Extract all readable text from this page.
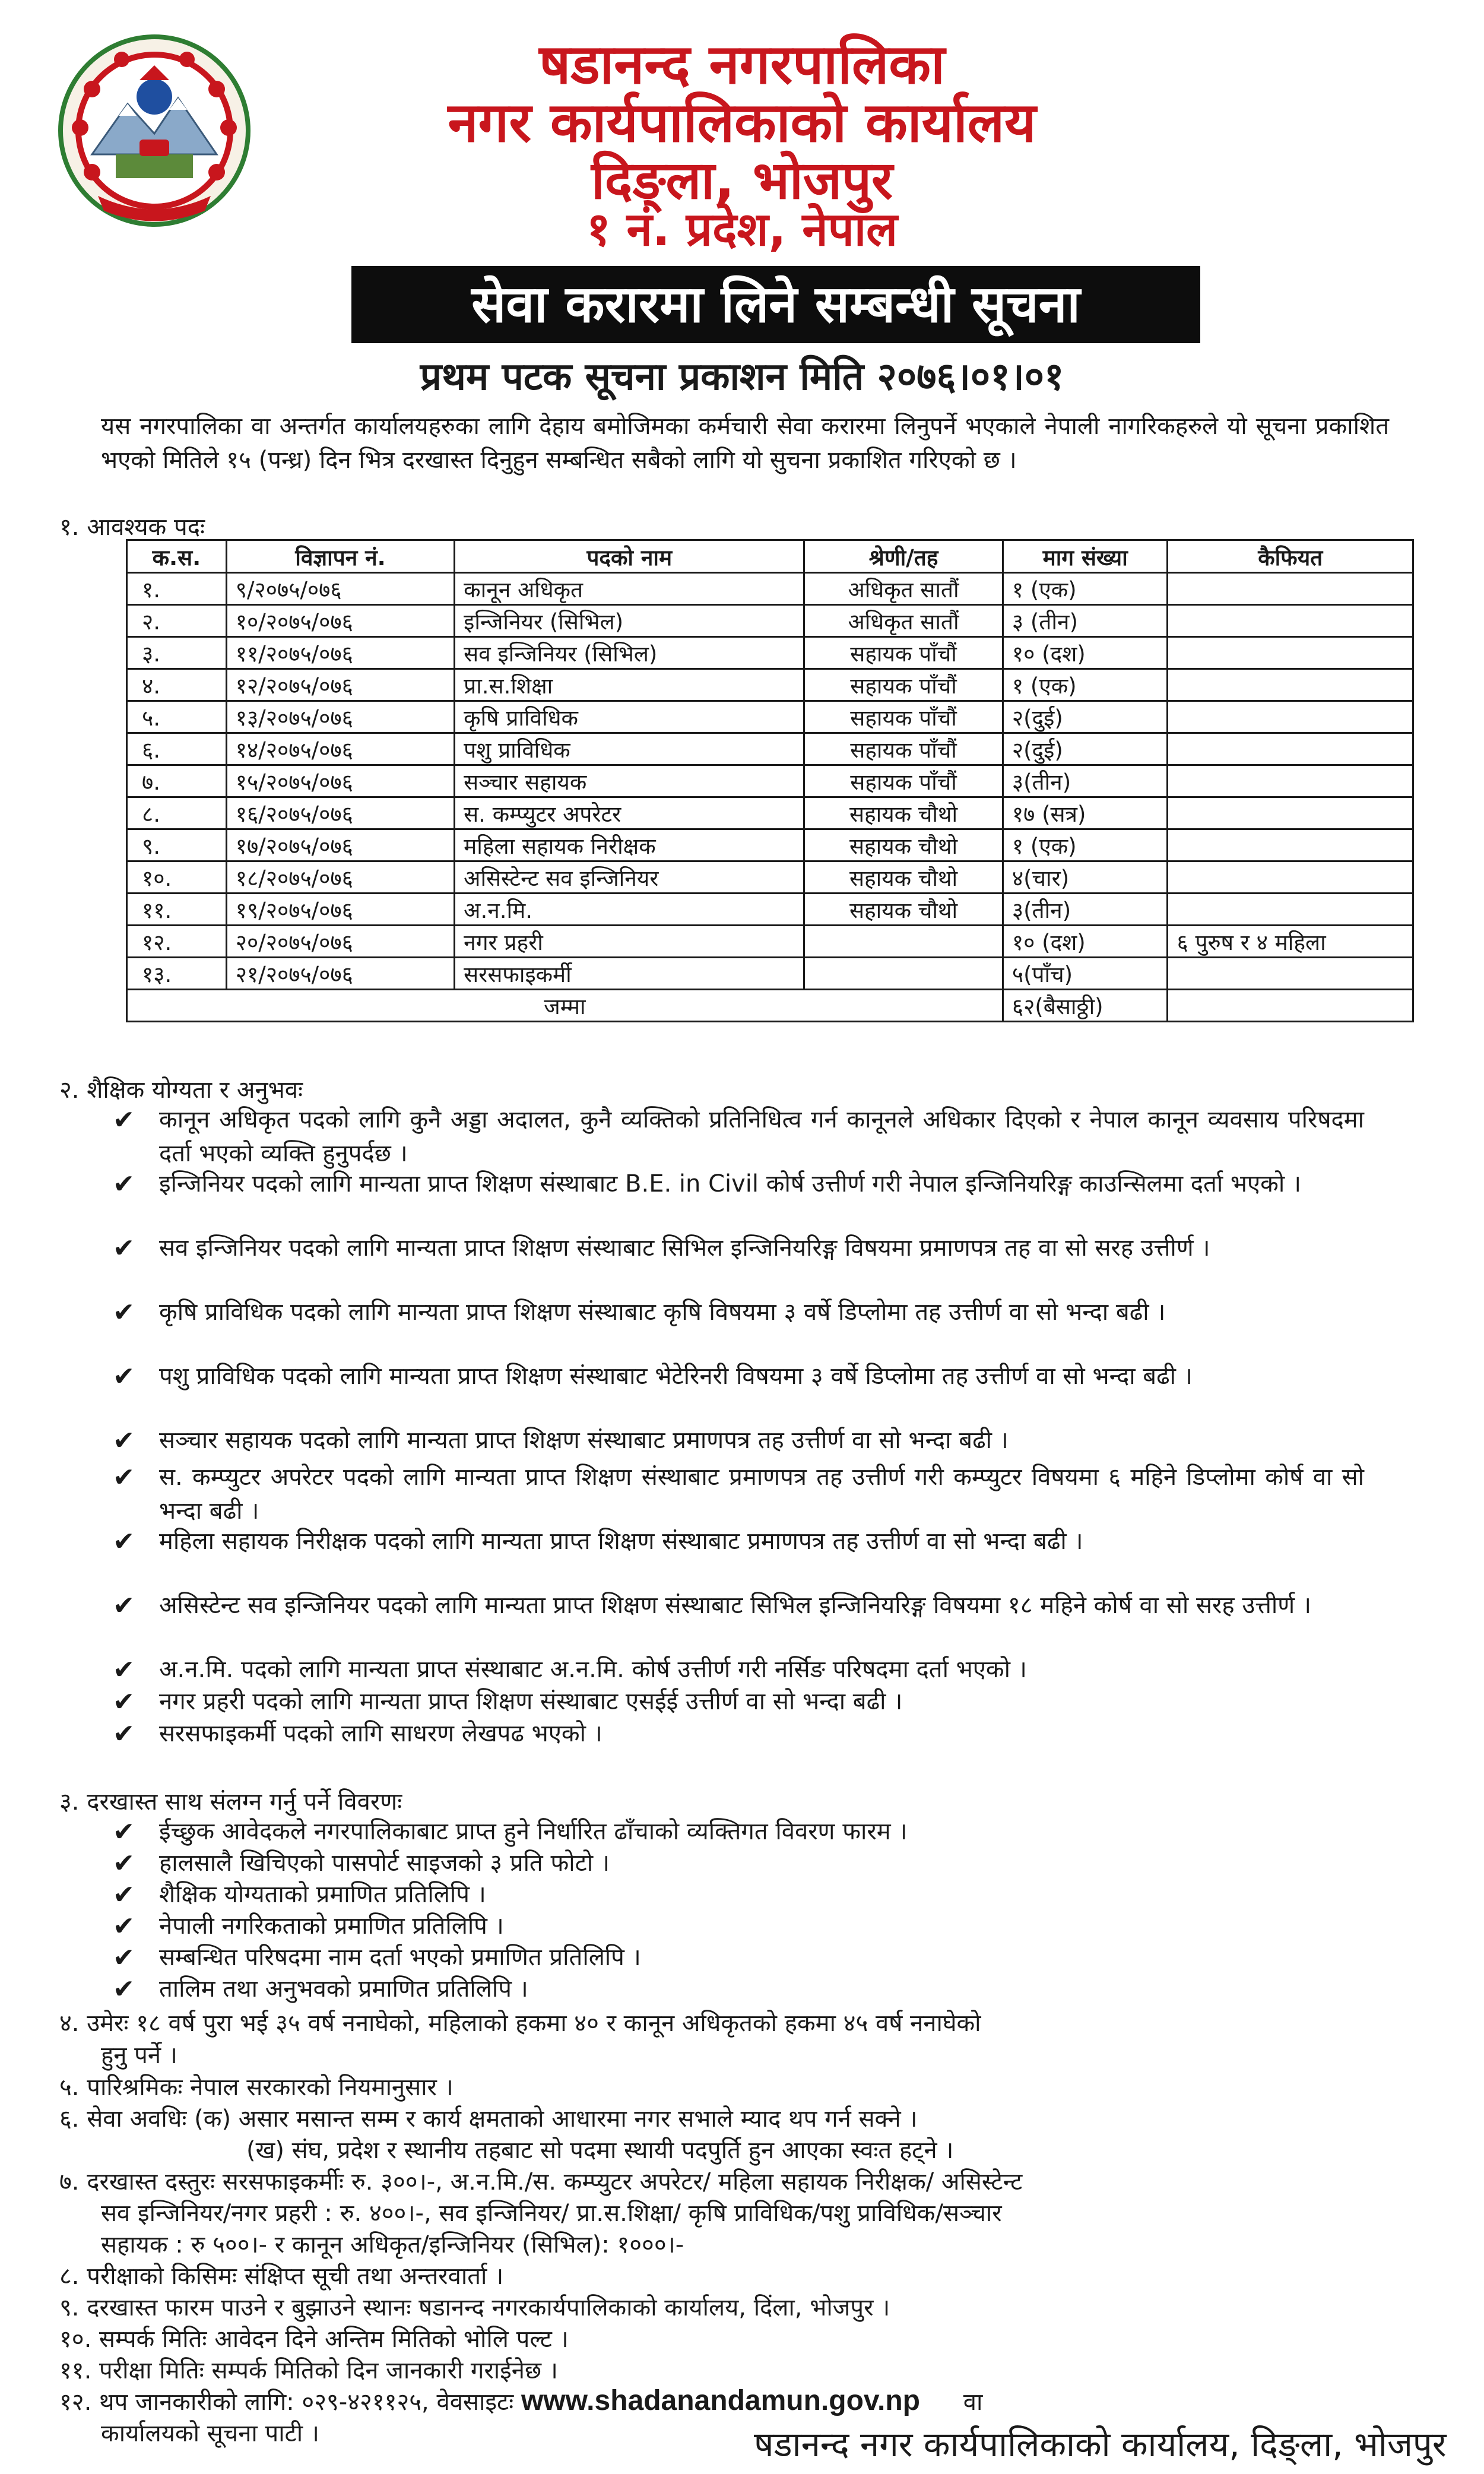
षडानन्द नगरपालिका
नगर कार्यपालिकाको कार्यालय
दिङ्ला, भोजपुर
१ नं. प्रदेश, नेपाल
सेवा करारमा लिने सम्बन्धी सूचना
प्रथम पटक सूचना प्रकाशन मिति २०७६।०१।०१
यस नगरपालिका वा अन्तर्गत कार्यालयहरुका लागि देहाय बमोजिमका कर्मचारी सेवा करारमा लिनुपर्ने भएकाले नेपाली नागरिकहरुले यो सूचना प्रकाशित भएको मितिले १५ (पन्ध्र) दिन भित्र दरखास्त दिनुहुन सम्बन्धित सबैको लागि यो सुचना प्रकाशित गरिएको छ ।
१. आवश्यक पदः
क.स.	विज्ञापन नं.	पदको नाम	श्रेणी/तह	माग संख्या	कैफियत
१.	९/२०७५/०७६	कानून अधिकृत	अधिकृत सातौं	१ (एक)	
२.	१०/२०७५/०७६	इन्जिनियर (सिभिल)	अधिकृत सातौं	३ (तीन)	
३.	११/२०७५/०७६	सव इन्जिनियर (सिभिल)	सहायक पाँचौं	१० (दश)	
४.	१२/२०७५/०७६	प्रा.स.शिक्षा	सहायक पाँचौं	१ (एक)	
५.	१३/२०७५/०७६	कृषि प्राविधिक	सहायक पाँचौं	२(दुई)	
६.	१४/२०७५/०७६	पशु प्राविधिक	सहायक पाँचौं	२(दुई)	
७.	१५/२०७५/०७६	सञ्चार सहायक	सहायक पाँचौं	३(तीन)	
८.	१६/२०७५/०७६	स. कम्प्युटर अपरेटर	सहायक चौथो	१७ (सत्र)	
९.	१७/२०७५/०७६	महिला सहायक निरीक्षक	सहायक चौथो	१ (एक)	
१०.	१८/२०७५/०७६	असिस्टेन्ट सव इन्जिनियर	सहायक चौथो	४(चार)	
११.	१९/२०७५/०७६	अ.न.मि.	सहायक चौथो	३(तीन)	
१२.	२०/२०७५/०७६	नगर प्रहरी		१० (दश)	६ पुरुष र ४ महिला
१३.	२१/२०७५/०७६	सरसफाइकर्मी		५(पाँच)	
जम्मा				६२(बैसाठ्ठी)	
२. शैक्षिक योग्यता र अनुभवः
✔ कानून अधिकृत पदको लागि कुनै अड्डा अदालत, कुनै व्यक्तिको प्रतिनिधित्व गर्न कानूनले अधिकार दिएको र नेपाल कानून व्यवसाय परिषदमा दर्ता भएको व्यक्ति हुनुपर्दछ ।
✔ इन्जिनियर पदको लागि मान्यता प्राप्त शिक्षण संस्थाबाट B.E. in Civil कोर्ष उत्तीर्ण गरी नेपाल इन्जिनियरिङ्ग काउन्सिलमा दर्ता भएको ।
✔ सव इन्जिनियर पदको लागि मान्यता प्राप्त शिक्षण संस्थाबाट सिभिल इन्जिनियरिङ्ग विषयमा प्रमाणपत्र तह वा सो सरह उत्तीर्ण ।
✔ कृषि प्राविधिक पदको लागि मान्यता प्राप्त शिक्षण संस्थाबाट कृषि विषयमा ३ वर्षे डिप्लोमा तह उत्तीर्ण वा सो भन्दा बढी ।
✔ पशु प्राविधिक पदको लागि मान्यता प्राप्त शिक्षण संस्थाबाट भेटेरिनरी विषयमा ३ वर्षे डिप्लोमा तह उत्तीर्ण वा सो भन्दा बढी ।
✔ सञ्चार सहायक पदको लागि मान्यता प्राप्त शिक्षण संस्थाबाट प्रमाणपत्र तह उत्तीर्ण वा सो भन्दा बढी ।
✔ स. कम्प्युटर अपरेटर पदको लागि मान्यता प्राप्त शिक्षण संस्थाबाट प्रमाणपत्र तह उत्तीर्ण गरी कम्प्युटर विषयमा ६ महिने डिप्लोमा कोर्ष वा सो भन्दा बढी ।
✔ महिला सहायक निरीक्षक पदको लागि मान्यता प्राप्त शिक्षण संस्थाबाट प्रमाणपत्र तह उत्तीर्ण वा सो भन्दा बढी ।
✔ असिस्टेन्ट सव इन्जिनियर पदको लागि मान्यता प्राप्त शिक्षण संस्थाबाट सिभिल इन्जिनियरिङ्ग विषयमा १८ महिने कोर्ष वा सो सरह उत्तीर्ण ।
✔ अ.न.मि. पदको लागि मान्यता प्राप्त संस्थाबाट अ.न.मि. कोर्ष उत्तीर्ण गरी नर्सिङ परिषदमा दर्ता भएको ।
✔ नगर प्रहरी पदको लागि मान्यता प्राप्त शिक्षण संस्थाबाट एसईई उत्तीर्ण वा सो भन्दा बढी ।
✔ सरसफाइकर्मी पदको लागि साधरण लेखपढ भएको ।
३. दरखास्त साथ संलग्न गर्नु पर्ने विवरणः
✔ ईच्छुक आवेदकले नगरपालिकाबाट प्राप्त हुने निर्धारित ढाँचाको व्यक्तिगत विवरण फारम ।
✔ हालसालै खिचिएको पासपोर्ट साइजको ३ प्रति फोटो ।
✔ शैक्षिक योग्यताको प्रमाणित प्रतिलिपि ।
✔ नेपाली नगरिकताको प्रमाणित प्रतिलिपि ।
✔ सम्बन्धित परिषदमा नाम दर्ता भएको प्रमाणित प्रतिलिपि ।
✔ तालिम तथा अनुभवको प्रमाणित प्रतिलिपि ।
४. उमेरः १८ वर्ष पुरा भई ३५ वर्ष ननाघेको, महिलाको हकमा ४० र कानून अधिकृतको हकमा ४५ वर्ष ननाघेको
हुनु पर्ने ।
५. पारिश्रमिकः नेपाल सरकारको नियमानुसार ।
६. सेवा अवधिः (क) असार मसान्त सम्म र कार्य क्षमताको आधारमा नगर सभाले म्याद थप गर्न सक्ने ।
(ख) संघ, प्रदेश र स्थानीय तहबाट सो पदमा स्थायी पदपुर्ति हुन आएका स्वःत हट्ने ।
७. दरखास्त दस्तुरः सरसफाइकर्मीः रु. ३००।-, अ.न.मि./स. कम्प्युटर अपरेटर/ महिला सहायक निरीक्षक/ असिस्टेन्ट
सव इन्जिनियर/नगर प्रहरी : रु. ४००।-, सव इन्जिनियर/ प्रा.स.शिक्षा/ कृषि प्राविधिक/पशु प्राविधिक/सञ्चार
सहायक : रु ५००।- र कानून अधिकृत/इन्जिनियर (सिभिल): १०००।-
८. परीक्षाको किसिमः संक्षिप्त सूची तथा अन्तरवार्ता ।
९. दरखास्त फारम पाउने र बुझाउने स्थानः षडानन्द नगरकार्यपालिकाको कार्यालय, दिंला, भोजपुर ।
१०. सम्पर्क मितिः आवेदन दिने अन्तिम मितिको भोलि पल्ट ।
११. परीक्षा मितिः सम्पर्क मितिको दिन जानकारी गराईनेछ ।
१२. थप जानकारीको लागि: ०२९-४२११२५, वेवसाइटः www.shadanandamun.gov.np वा
कार्यालयको सूचना पाटी ।	षडानन्द नगर कार्यपालिकाको कार्यालय, दिङ्ला, भोजपुर
